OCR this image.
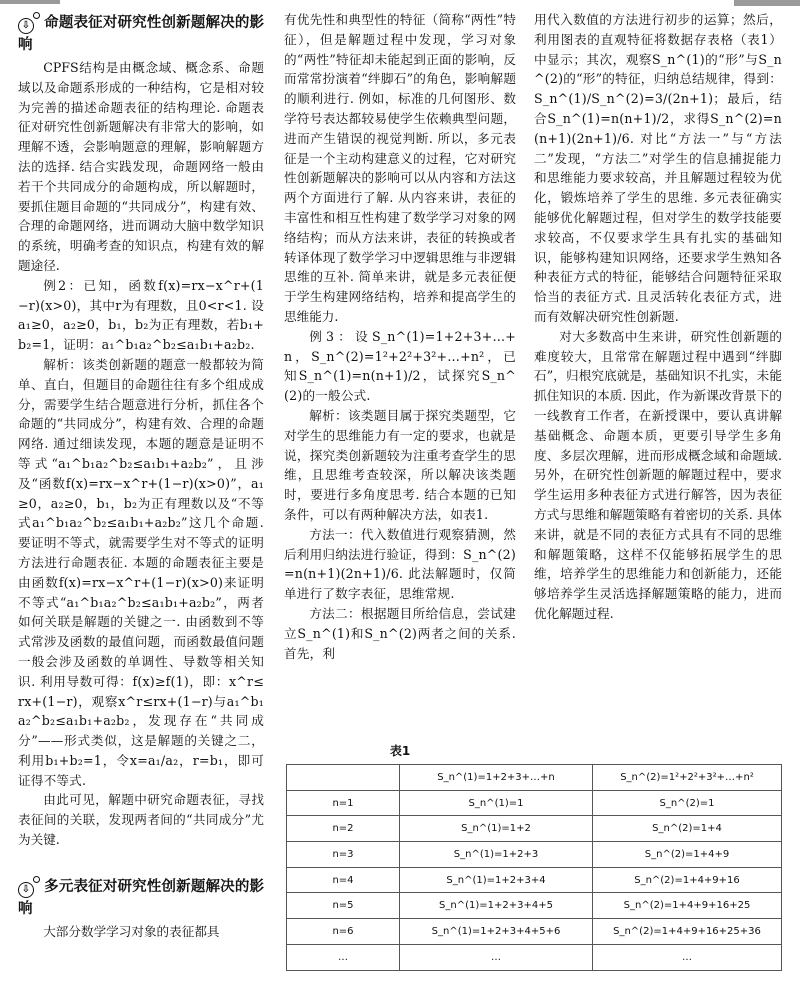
⇩ 命题表征对研究性创新题解决的影响

CPFS结构是由概念域、概念系、命题域以及命题系形成的一种结构，它是相对较为完善的描述命题表征的结构理论. 命题表征对研究性创新题解决有非常大的影响，如理解不透，会影响题意的理解，影响解题方法的选择. 结合实践发现，命题网络一般由若干个共同成分的命题构成，所以解题时，要抓住题目命题的“共同成分”，构建有效、合理的命题网络，进而调动大脑中数学知识的系统，明确考查的知识点，构建有效的解题途径.

例2：已知，函数f(x)=rx−x^r+(1−r)(x>0)，其中r为有理数，且0<r<1. 设a₁≥0，a₂≥0，b₁，b₂为正有理数，若b₁+b₂=1，证明：a₁^b₁a₂^b₂≤a₁b₁+a₂b₂.

解析：该类创新题的题意一般都较为简单、直白，但题目的命题往往有多个组成成分，需要学生结合题意进行分析，抓住各个命题的“共同成分”，构建有效、合理的命题网络. 通过细读发现，本题的题意是证明不等式“a₁^b₁a₂^b₂≤a₁b₁+a₂b₂”，且涉及“函数f(x)=rx−x^r+(1−r)(x>0)”，a₁≥0，a₂≥0，b₁，b₂为正有理数以及“不等式a₁^b₁a₂^b₂≤a₁b₁+a₂b₂”这几个命题. 要证明不等式，就需要学生对不等式的证明方法进行命题表征. 本题的命题表征主要是由函数f(x)=rx−x^r+(1−r)(x>0)来证明不等式“a₁^b₁a₂^b₂≤a₁b₁+a₂b₂”，两者如何关联是解题的关键之一. 由函数到不等式常涉及函数的最值问题，而函数最值问题一般会涉及函数的单调性、导数等相关知识. 利用导数可得：f(x)≥f(1)，即：x^r≤rx+(1−r)，观察x^r≤rx+(1−r)与a₁^b₁a₂^b₂≤a₁b₁+a₂b₂，发现存在“共同成分”——形式类似，这是解题的关键之二，利用b₁+b₂=1，令x=a₁/a₂，r=b₁，即可证得不等式.

由此可见，解题中研究命题表征，寻找表征间的关联，发现两者间的“共同成分”尤为关键.

⇩ 多元表征对研究性创新题解决的影响

大部分数学学习对象的表征都具

有优先性和典型性的特征（简称“两性”特征），但是解题过程中发现，学习对象的“两性”特征却未能起到正面的影响，反而常常扮演着“绊脚石”的角色，影响解题的顺利进行. 例如，标准的几何图形、数学符号表达都较易使学生依赖典型问题，进而产生错误的视觉判断. 所以，多元表征是一个主动构建意义的过程，它对研究性创新题解决的影响可以从内容和方法这两个方面进行了解. 从内容来讲，表征的丰富性和相互性构建了数学学习对象的网络结构；而从方法来讲，表征的转换或者转译体现了数学学习中逻辑思维与非逻辑思维的互补. 简单来讲，就是多元表征便于学生构建网络结构，培养和提高学生的思维能力.

例3：设S_n^(1)=1+2+3+…+n，S_n^(2)=1²+2²+3²+…+n²，已知S_n^(1)=n(n+1)/2，试探究S_n^(2)的一般公式.

解析：该类题目属于探究类题型，它对学生的思维能力有一定的要求，也就是说，探究类创新题较为注重考查学生的思维，且思维考查较深，所以解决该类题时，要进行多角度思考. 结合本题的已知条件，可以有两种解决方法，如表1.

方法一：代入数值进行观察猜测，然后利用归纳法进行验证，得到：S_n^(2)=n(n+1)(2n+1)/6. 此法解题时，仅简单进行了数字表征，思维常规.

方法二：根据题目所给信息，尝试建立S_n^(1)和S_n^(2)两者之间的关系. 首先，利

用代入数值的方法进行初步的运算；然后，利用图表的直观特征将数据存表格（表1）中显示；其次，观察S_n^(1)的“形”与S_n^(2)的“形”的特征，归纳总结规律，得到：S_n^(1)/S_n^(2)=3/(2n+1)；最后，结合S_n^(1)=n(n+1)/2，求得S_n^(2)=n(n+1)(2n+1)/6. 对比“方法一”与“方法二”发现，“方法二”对学生的信息捕捉能力和思维能力要求较高，并且解题过程较为优化，锻炼培养了学生的思维. 多元表征确实能够优化解题过程，但对学生的数学技能要求较高，不仅要求学生具有扎实的基础知识，能够构建知识网络，还要求学生熟知各种表征方式的特征，能够结合问题特征采取恰当的表征方式. 且灵活转化表征方式，进而有效解决研究性创新题.

对大多数高中生来讲，研究性创新题的难度较大，且常常在解题过程中遇到“绊脚石”，归根究底就是，基础知识不扎实，未能抓住知识的本质. 因此，作为新课改背景下的一线教育工作者，在新授课中，要认真讲解基础概念、命题本质，更要引导学生多角度、多层次理解，进而形成概念域和命题域. 另外，在研究性创新题的解题过程中，要求学生运用多种表征方式进行解答，因为表征方式与思维和解题策略有着密切的关系. 具体来讲，就是不同的表征方式具有不同的思维和解题策略，这样不仅能够拓展学生的思维，培养学生的思维能力和创新能力，还能够培养学生灵活选择解题策略的能力，进而优化解题过程.

表1
	S_n^(1)=1+2+3+…+n	S_n^(2)=1²+2²+3²+…+n²
n=1	S_n^(1)=1	S_n^(2)=1
n=2	S_n^(1)=1+2	S_n^(2)=1+4
n=3	S_n^(1)=1+2+3	S_n^(2)=1+4+9
n=4	S_n^(1)=1+2+3+4	S_n^(2)=1+4+9+16
n=5	S_n^(1)=1+2+3+4+5	S_n^(2)=1+4+9+16+25
n=6	S_n^(1)=1+2+3+4+5+6	S_n^(2)=1+4+9+16+25+36
…	…	…
